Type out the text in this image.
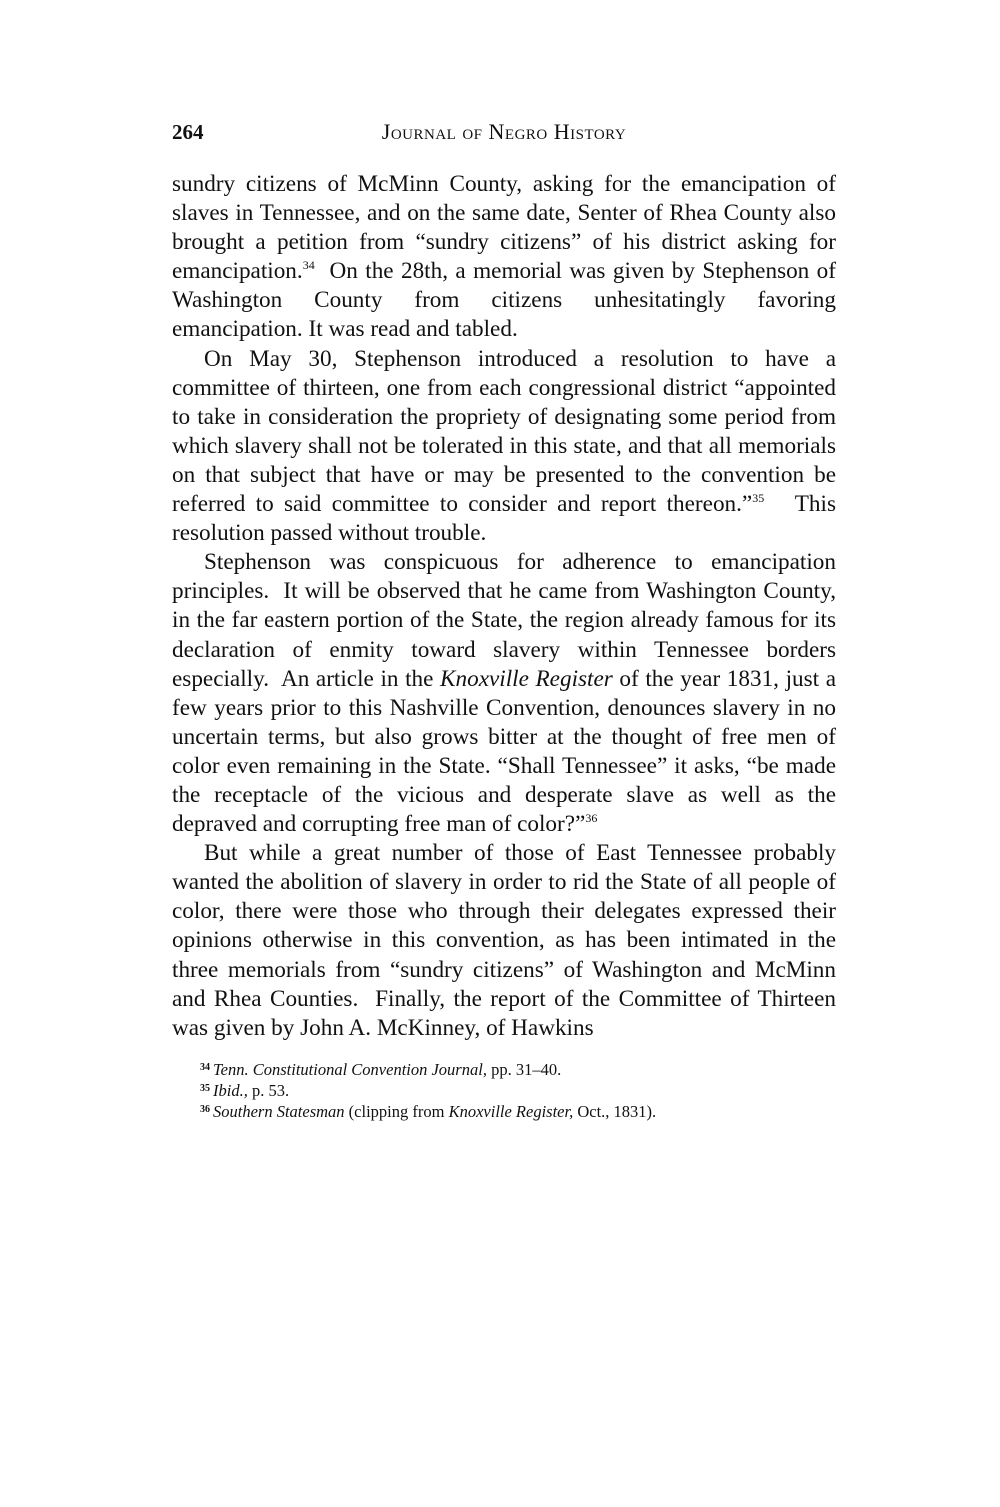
264	Journal of Negro History

sundry citizens of McMinn County, asking for the emancipation of slaves in Tennessee, and on the same date, Senter of Rhea County also brought a petition from “sundry citizens” of his district asking for emancipation.$^{34}$  On the 28th, a memorial was given by Stephenson of Washington County from citizens unhesitatingly favoring emancipation. It was read and tabled.

On May 30, Stephenson introduced a resolution to have a committee of thirteen, one from each congressional district “appointed to take in consideration the propriety of designating some period from which slavery shall not be tolerated in this state, and that all memorials on that subject that have or may be presented to the convention be referred to said committee to consider and report thereon.”$^{35}$   This resolution passed without trouble.

Stephenson was conspicuous for adherence to emancipation principles.  It will be observed that he came from Washington County, in the far eastern portion of the State, the region already famous for its declaration of enmity toward slavery within Tennessee borders especially.  An article in the Knoxville Register of the year 1831, just a few years prior to this Nashville Convention, denounces slavery in no uncertain terms, but also grows bitter at the thought of free men of color even remaining in the State. “Shall Tennessee” it asks, “be made the receptacle of the vicious and desperate slave as well as the depraved and corrupting free man of color?”$^{36}$

But while a great number of those of East Tennessee probably wanted the abolition of slavery in order to rid the State of all people of color, there were those who through their delegates expressed their opinions otherwise in this convention, as has been intimated in the three memorials from “sundry citizens” of Washington and McMinn and Rhea Counties.  Finally, the report of the Committee of Thirteen was given by John A. McKinney, of Hawkins

$^{34}$ Tenn. Constitutional Convention Journal, pp. 31–40.
$^{35}$ Ibid., p. 53.
$^{36}$ Southern Statesman (clipping from Knoxville Register, Oct., 1831).
